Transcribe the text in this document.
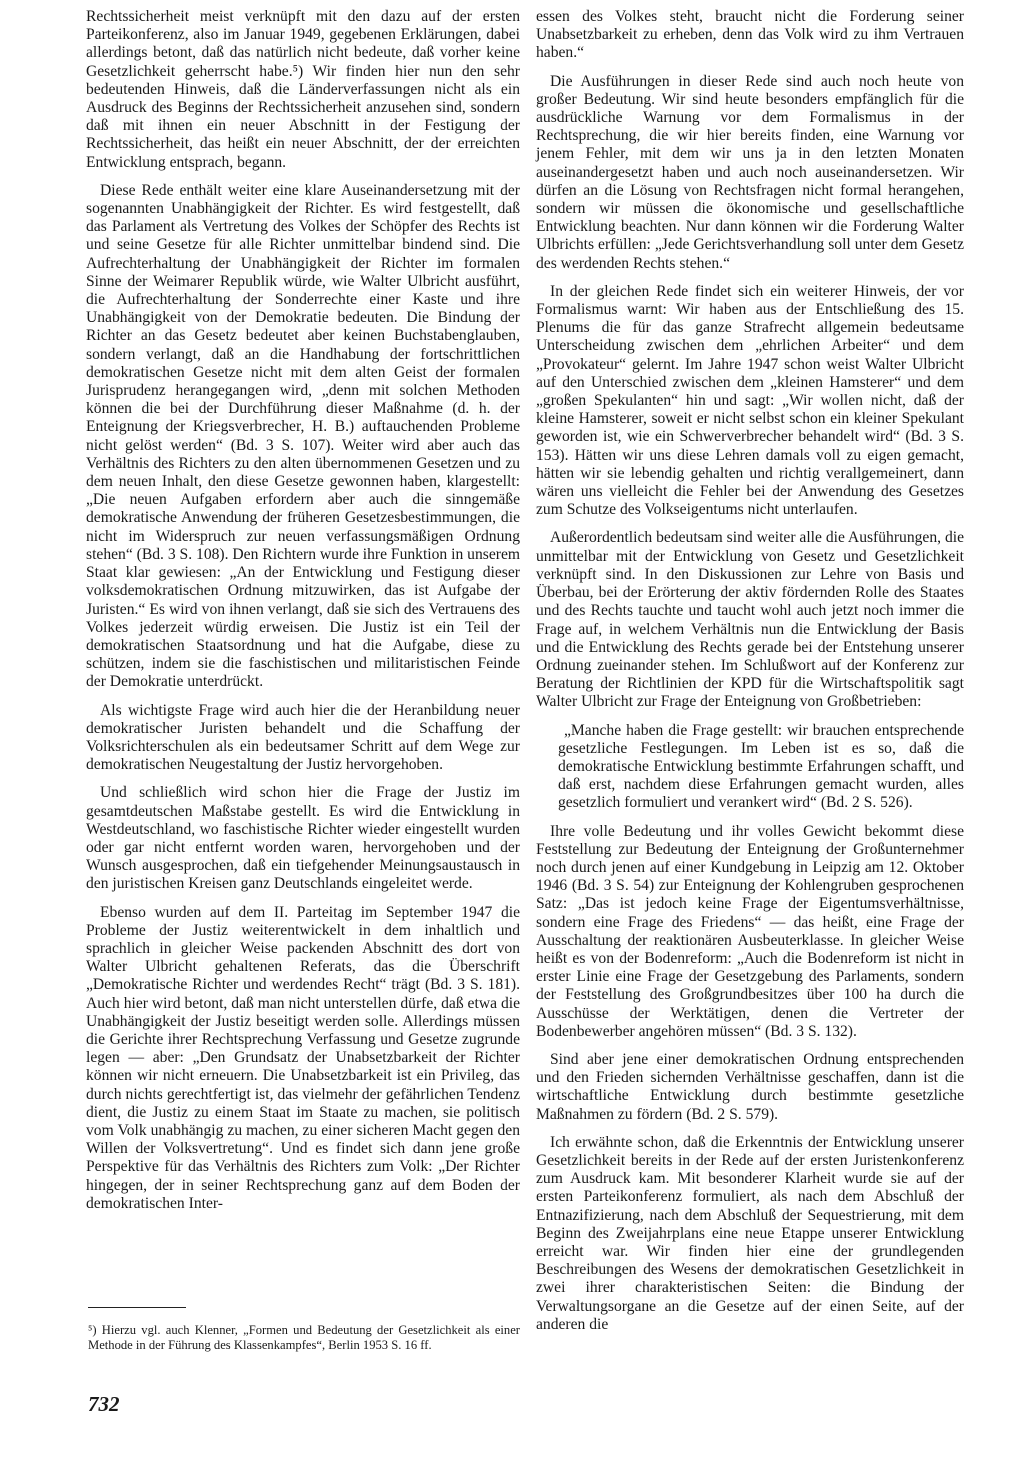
Rechtssicherheit meist verknüpft mit den dazu auf der ersten Parteikonferenz, also im Januar 1949, gegebenen Erklärungen, dabei allerdings betont, daß das natürlich nicht bedeute, daß vorher keine Gesetzlichkeit geherrscht habe.⁵) Wir finden hier nun den sehr bedeutenden Hinweis, daß die Länderverfassungen nicht als ein Ausdruck des Beginns der Rechtssicherheit anzusehen sind, sondern daß mit ihnen ein neuer Abschnitt in der Festigung der Rechtssicherheit, das heißt ein neuer Abschnitt, der der erreichten Entwicklung entsprach, begann.

Diese Rede enthält weiter eine klare Auseinandersetzung mit der sogenannten Unabhängigkeit der Richter. Es wird festgestellt, daß das Parlament als Vertretung des Volkes der Schöpfer des Rechts ist und seine Gesetze für alle Richter unmittelbar bindend sind. Die Aufrechterhaltung der Unabhängigkeit der Richter im formalen Sinne der Weimarer Republik würde, wie Walter Ulbricht ausführt, die Aufrechterhaltung der Sonderrechte einer Kaste und ihre Unabhängigkeit von der Demokratie bedeuten. Die Bindung der Richter an das Gesetz bedeutet aber keinen Buchstabenglauben, sondern verlangt, daß an die Handhabung der fortschrittlichen demokratischen Gesetze nicht mit dem alten Geist der formalen Jurisprudenz herangegangen wird, „denn mit solchen Methoden können die bei der Durchführung dieser Maßnahme (d. h. der Enteignung der Kriegsverbrecher, H. B.) auftauchenden Probleme nicht gelöst werden“ (Bd. 3 S. 107). Weiter wird aber auch das Verhältnis des Richters zu den alten übernommenen Gesetzen und zu dem neuen Inhalt, den diese Gesetze gewonnen haben, klargestellt: „Die neuen Aufgaben erfordern aber auch die sinngemäße demokratische Anwendung der früheren Gesetzesbestimmungen, die nicht im Widerspruch zur neuen verfassungsmäßigen Ordnung stehen“ (Bd. 3 S. 108). Den Richtern wurde ihre Funktion in unserem Staat klar gewiesen: „An der Entwicklung und Festigung dieser volksdemokratischen Ordnung mitzuwirken, das ist Aufgabe der Juristen.“ Es wird von ihnen verlangt, daß sie sich des Vertrauens des Volkes jederzeit würdig erweisen. Die Justiz ist ein Teil der demokratischen Staatsordnung und hat die Aufgabe, diese zu schützen, indem sie die faschistischen und militaristischen Feinde der Demokratie unterdrückt.

Als wichtigste Frage wird auch hier die der Heranbildung neuer demokratischer Juristen behandelt und die Schaffung der Volksrichterschulen als ein bedeutsamer Schritt auf dem Wege zur demokratischen Neugestaltung der Justiz hervorgehoben.

Und schließlich wird schon hier die Frage der Justiz im gesamtdeutschen Maßstabe gestellt. Es wird die Entwicklung in Westdeutschland, wo faschistische Richter wieder eingestellt wurden oder gar nicht entfernt worden waren, hervorgehoben und der Wunsch ausgesprochen, daß ein tiefgehender Meinungsaustausch in den juristischen Kreisen ganz Deutschlands eingeleitet werde.

Ebenso wurden auf dem II. Parteitag im September 1947 die Probleme der Justiz weiterentwickelt in dem inhaltlich und sprachlich in gleicher Weise packenden Abschnitt des dort von Walter Ulbricht gehaltenen Referats, das die Überschrift „Demokratische Richter und werdendes Recht“ trägt (Bd. 3 S. 181). Auch hier wird betont, daß man nicht unterstellen dürfe, daß etwa die Unabhängigkeit der Justiz beseitigt werden solle. Allerdings müssen die Gerichte ihrer Rechtsprechung Verfassung und Gesetze zugrunde legen — aber: „Den Grundsatz der Unabsetzbarkeit der Richter können wir nicht erneuern. Die Unabsetzbarkeit ist ein Privileg, das durch nichts gerechtfertigt ist, das vielmehr der gefährlichen Tendenz dient, die Justiz zu einem Staat im Staate zu machen, sie politisch vom Volk unabhängig zu machen, zu einer sicheren Macht gegen den Willen der Volksvertretung“. Und es findet sich dann jene große Perspektive für das Verhältnis des Richters zum Volk: „Der Richter hingegen, der in seiner Rechtsprechung ganz auf dem Boden der demokratischen Inter-

essen des Volkes steht, braucht nicht die Forderung seiner Unabsetzbarkeit zu erheben, denn das Volk wird zu ihm Vertrauen haben.“

Die Ausführungen in dieser Rede sind auch noch heute von großer Bedeutung. Wir sind heute besonders empfänglich für die ausdrückliche Warnung vor dem Formalismus in der Rechtsprechung, die wir hier bereits finden, eine Warnung vor jenem Fehler, mit dem wir uns ja in den letzten Monaten auseinandergesetzt haben und auch noch auseinandersetzen. Wir dürfen an die Lösung von Rechtsfragen nicht formal herangehen, sondern wir müssen die ökonomische und gesellschaftliche Entwicklung beachten. Nur dann können wir die Forderung Walter Ulbrichts erfüllen: „Jede Gerichtsverhandlung soll unter dem Gesetz des werdenden Rechts stehen.“

In der gleichen Rede findet sich ein weiterer Hinweis, der vor Formalismus warnt: Wir haben aus der Entschließung des 15. Plenums die für das ganze Strafrecht allgemein bedeutsame Unterscheidung zwischen dem „ehrlichen Arbeiter“ und dem „Provokateur“ gelernt. Im Jahre 1947 schon weist Walter Ulbricht auf den Unterschied zwischen dem „kleinen Hamsterer“ und dem „großen Spekulanten“ hin und sagt: „Wir wollen nicht, daß der kleine Hamsterer, soweit er nicht selbst schon ein kleiner Spekulant geworden ist, wie ein Schwerverbrecher behandelt wird“ (Bd. 3 S. 153). Hätten wir uns diese Lehren damals voll zu eigen gemacht, hätten wir sie lebendig gehalten und richtig verallgemeinert, dann wären uns vielleicht die Fehler bei der Anwendung des Gesetzes zum Schutze des Volkseigentums nicht unterlaufen.

Außerordentlich bedeutsam sind weiter alle die Ausführungen, die unmittelbar mit der Entwicklung von Gesetz und Gesetzlichkeit verknüpft sind. In den Diskussionen zur Lehre von Basis und Überbau, bei der Erörterung der aktiv fördernden Rolle des Staates und des Rechts tauchte und taucht wohl auch jetzt noch immer die Frage auf, in welchem Verhältnis nun die Entwicklung der Basis und die Entwicklung des Rechts gerade bei der Entstehung unserer Ordnung zueinander stehen. Im Schlußwort auf der Konferenz zur Beratung der Richtlinien der KPD für die Wirtschaftspolitik sagt Walter Ulbricht zur Frage der Enteignung von Großbetrieben:

„Manche haben die Frage gestellt: wir brauchen entsprechende gesetzliche Festlegungen. Im Leben ist es so, daß die demokratische Entwicklung bestimmte Erfahrungen schafft, und daß erst, nachdem diese Erfahrungen gemacht wurden, alles gesetzlich formuliert und verankert wird“ (Bd. 2 S. 526).

Ihre volle Bedeutung und ihr volles Gewicht bekommt diese Feststellung zur Bedeutung der Enteignung der Großunternehmer noch durch jenen auf einer Kundgebung in Leipzig am 12. Oktober 1946 (Bd. 3 S. 54) zur Enteignung der Kohlengruben gesprochenen Satz: „Das ist jedoch keine Frage der Eigentumsverhältnisse, sondern eine Frage des Friedens“ — das heißt, eine Frage der Ausschaltung der reaktionären Ausbeuterklasse. In gleicher Weise heißt es von der Bodenreform: „Auch die Bodenreform ist nicht in erster Linie eine Frage der Gesetzgebung des Parlaments, sondern der Feststellung des Großgrundbesitzes über 100 ha durch die Ausschüsse der Werktätigen, denen die Vertreter der Bodenbewerber angehören müssen“ (Bd. 3 S. 132).

Sind aber jene einer demokratischen Ordnung entsprechenden und den Frieden sichernden Verhältnisse geschaffen, dann ist die wirtschaftliche Entwicklung durch bestimmte gesetzliche Maßnahmen zu fördern (Bd. 2 S. 579).

Ich erwähnte schon, daß die Erkenntnis der Entwicklung unserer Gesetzlichkeit bereits in der Rede auf der ersten Juristenkonferenz zum Ausdruck kam. Mit besonderer Klarheit wurde sie auf der ersten Parteikonferenz formuliert, als nach dem Abschluß der Entnazifizierung, nach dem Abschluß der Sequestrierung, mit dem Beginn des Zweijahrplans eine neue Etappe unserer Entwicklung erreicht war. Wir finden hier eine der grundlegenden Beschreibungen des Wesens der demokratischen Gesetzlichkeit in zwei ihrer charakteristischen Seiten: die Bindung der Verwaltungsorgane an die Gesetze auf der einen Seite, auf der anderen die

⁵) Hierzu vgl. auch Klenner, „Formen und Bedeutung der Gesetzlichkeit als einer Methode in der Führung des Klassenkampfes“, Berlin 1953 S. 16 ff.
732
